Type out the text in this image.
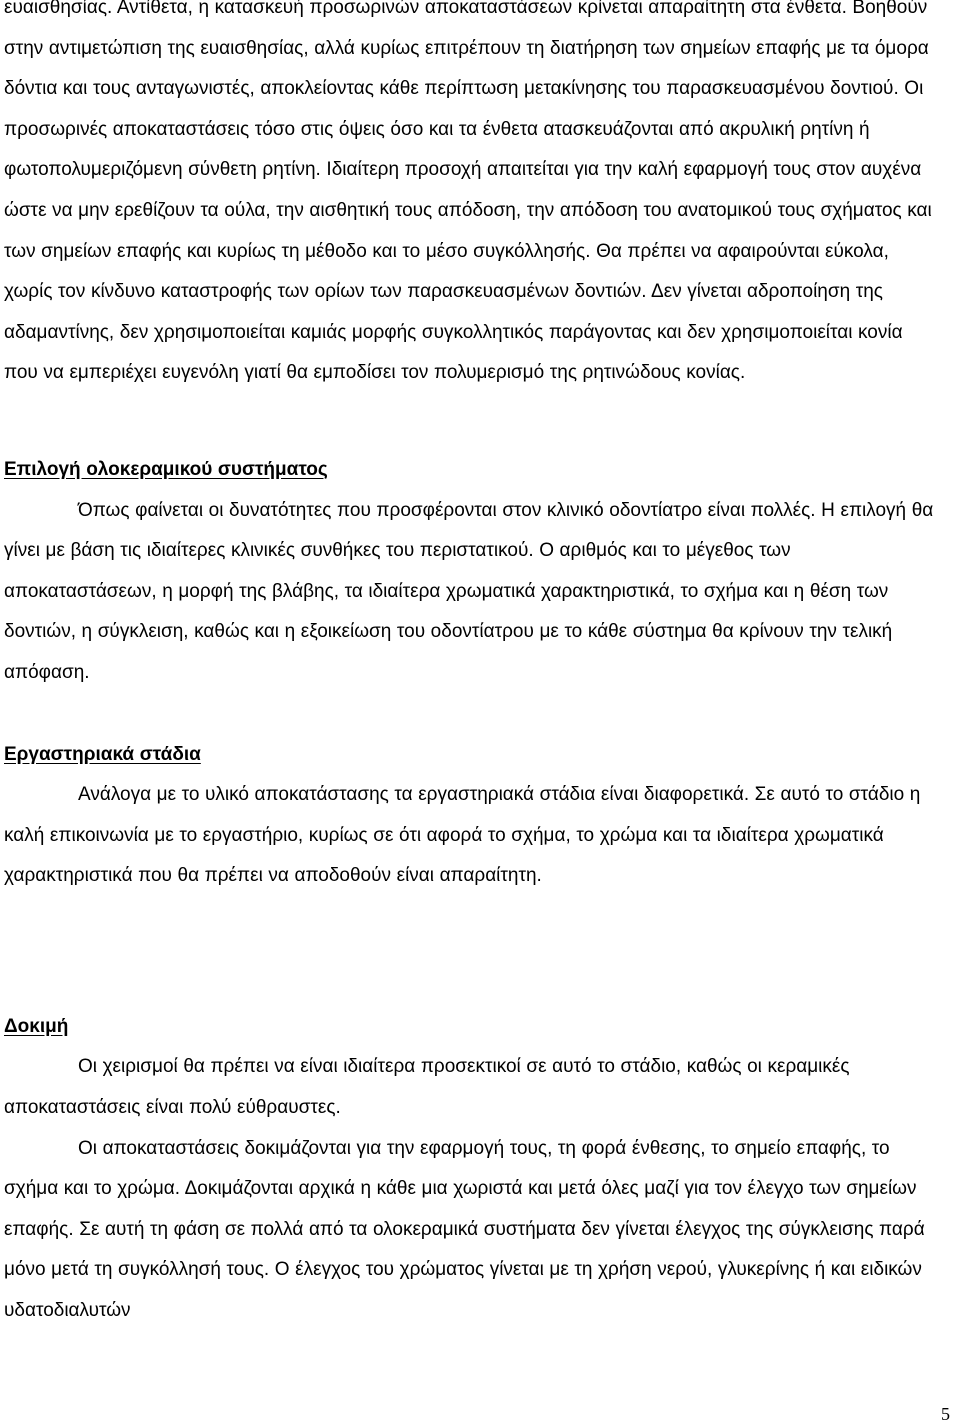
ευαισθησίας. Αντίθετα, η κατασκευή προσωρινών αποκαταστάσεων κρίνεται απαραίτητη στα ένθετα. Βοηθούν στην αντιμετώπιση της ευαισθησίας, αλλά κυρίως επιτρέπουν τη διατήρηση των σημείων επαφής με τα όμορα δόντια και τους ανταγωνιστές, αποκλείοντας κάθε περίπτωση μετακίνησης του παρασκευασμένου δοντιού. Οι προσωρινές αποκαταστάσεις τόσο στις όψεις όσο και τα ένθετα ατασκευάζονται από ακρυλική ρητίνη ή φωτοπολυμεριζόμενη σύνθετη ρητίνη. Ιδιαίτερη προσοχή απαιτείται για την καλή εφαρμογή τους στον αυχένα ώστε να μην ερεθίζουν τα ούλα, την αισθητική τους απόδοση, την απόδοση του ανατομικού τους σχήματος και των σημείων επαφής και κυρίως τη μέθοδο και το μέσο συγκόλλησής. Θα πρέπει να αφαιρούνται εύκολα, χωρίς τον κίνδυνο καταστροφής των ορίων των παρασκευασμένων δοντιών. Δεν γίνεται αδροποίηση της αδαμαντίνης, δεν χρησιμοποιείται καμιάς μορφής συγκολλητικός παράγοντας και δεν χρησιμοποιείται κονία που να εμπεριέχει ευγενόλη γιατί θα εμποδίσει τον πολυμερισμό της ρητινώδους κονίας.

Επιλογή ολοκεραμικού συστήματος

Όπως φαίνεται οι δυνατότητες που προσφέρονται στον κλινικό οδοντίατρο είναι πολλές. Η επιλογή θα γίνει με βάση τις ιδιαίτερες κλινικές συνθήκες του περιστατικού. Ο αριθμός και το μέγεθος των αποκαταστάσεων, η μορφή της βλάβης, τα ιδιαίτερα χρωματικά χαρακτηριστικά, το σχήμα και η θέση των δοντιών, η σύγκλειση, καθώς και η εξοικείωση του οδοντίατρου με το κάθε σύστημα θα κρίνουν την τελική απόφαση.

Εργαστηριακά στάδια

Ανάλογα με το υλικό αποκατάστασης τα εργαστηριακά στάδια είναι διαφορετικά. Σε αυτό το στάδιο η καλή επικοινωνία με το εργαστήριο, κυρίως σε ότι αφορά το σχήμα, το χρώμα και τα ιδιαίτερα χρωματικά χαρακτηριστικά που θα πρέπει να αποδοθούν είναι απαραίτητη.

Δοκιμή

Οι χειρισμοί θα πρέπει να είναι ιδιαίτερα προσεκτικοί σε αυτό το στάδιο, καθώς οι κεραμικές αποκαταστάσεις είναι πολύ εύθραυστες.

Οι αποκαταστάσεις δοκιμάζονται για την εφαρμογή τους, τη φορά ένθεσης, το σημείο επαφής, το σχήμα και το χρώμα. Δοκιμάζονται αρχικά η κάθε μια χωριστά και μετά όλες μαζί για τον έλεγχο των σημείων επαφής. Σε αυτή τη φάση σε πολλά από τα ολοκεραμικά συστήματα δεν γίνεται έλεγχος της σύγκλεισης παρά μόνο μετά τη συγκόλλησή τους. Ο έλεγχος του χρώματος γίνεται με τη χρήση νερού, γλυκερίνης ή και ειδικών υδατοδιαλυτών

5
